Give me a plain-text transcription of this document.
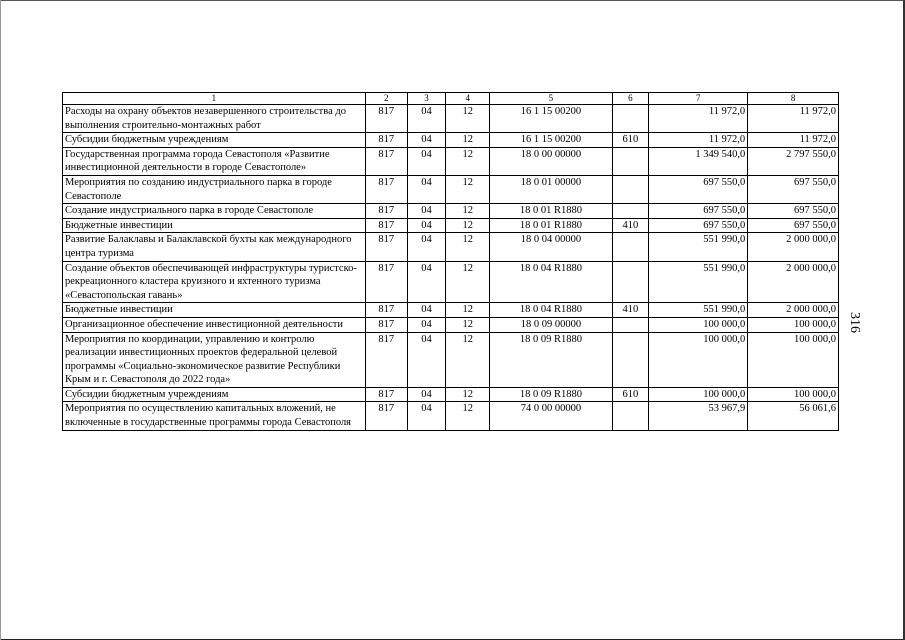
1	2	3	4	5	6	7	8
Расходы на охрану объектов незавершенного строительства до выполнения строительно-монтажных работ	817	04	12	16 1 15 00200		11 972,0	11 972,0
Субсидии бюджетным учреждениям	817	04	12	16 1 15 00200	610	11 972,0	11 972,0
Государственная программа города Севастополя «Развитие инвестиционной деятельности в городе Севастополе»	817	04	12	18 0 00 00000		1 349 540,0	2 797 550,0
Мероприятия по созданию индустриального парка в городе Севастополе	817	04	12	18 0 01 00000		697 550,0	697 550,0
Создание индустриального парка в городе Севастополе	817	04	12	18 0 01 R1880		697 550,0	697 550,0
Бюджетные инвестиции	817	04	12	18 0 01 R1880	410	697 550,0	697 550,0
Развитие Балаклавы и Балаклавской бухты как международного центра туризма	817	04	12	18 0 04 00000		551 990,0	2 000 000,0
Создание объектов обеспечивающей инфраструктуры туристско-рекреационного кластера круизного и яхтенного туризма «Севастопольская гавань»	817	04	12	18 0 04 R1880		551 990,0	2 000 000,0
Бюджетные инвестиции	817	04	12	18 0 04 R1880	410	551 990,0	2 000 000,0
Организационное обеспечение инвестиционной деятельности	817	04	12	18 0 09 00000		100 000,0	100 000,0
Мероприятия по координации, управлению и контролю реализации инвестиционных проектов федеральной целевой программы «Социально-экономическое развитие Республики Крым и г. Севастополя до 2022 года»	817	04	12	18 0 09 R1880		100 000,0	100 000,0
Субсидии бюджетным учреждениям	817	04	12	18 0 09 R1880	610	100 000,0	100 000,0
Мероприятия по осуществлению капитальных вложений, не включенные в государственные программы города Севастополя	817	04	12	74 0 00 00000		53 967,9	56 061,6
316
